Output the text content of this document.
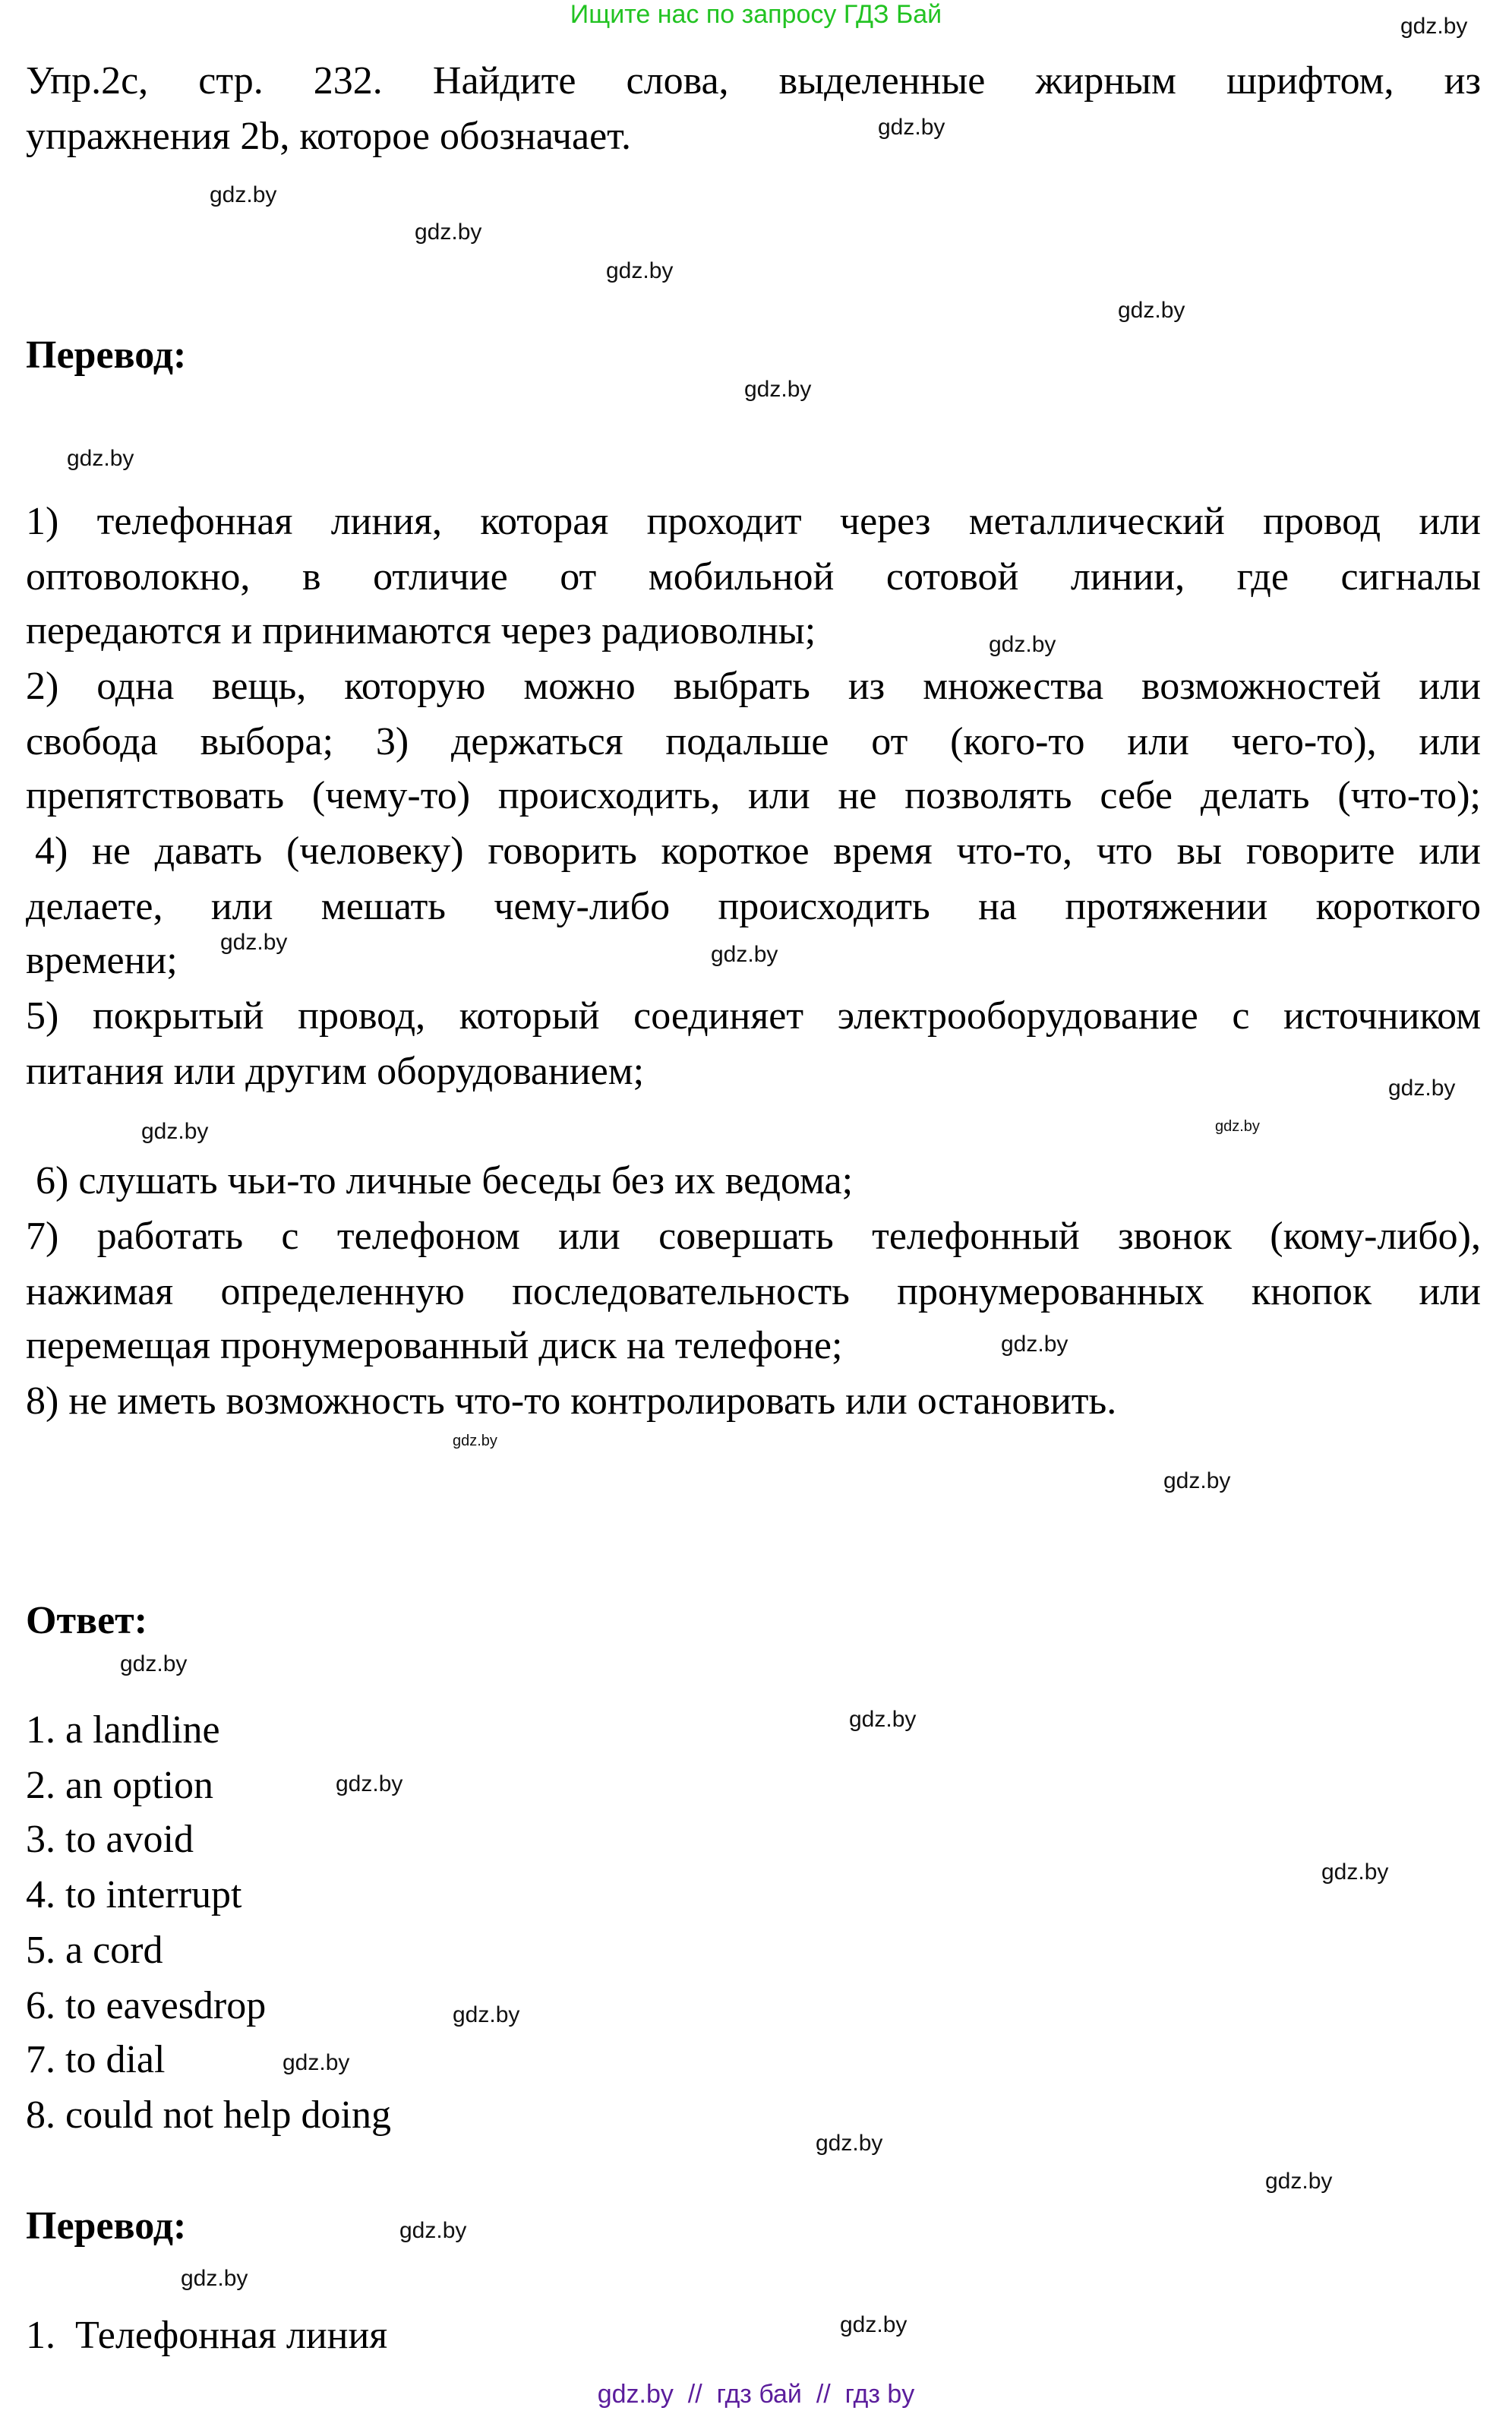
Ищите нас по запросу ГДЗ Бай
Упр.2с, стр. 232. Найдите слова, выделенные жирным шрифтом, из
упражнения 2b, которое обозначает.
Перевод:
1) телефонная линия, которая проходит через металлический провод или
оптоволокно, в отличие от мобильной сотовой линии, где сигналы
передаются и принимаются через радиоволны;
2) одна вещь, которую можно выбрать из множества возможностей или
свобода выбора; 3) держаться подальше от (кого-то или чего-то), или
препятствовать (чему-то) происходить, или не позволять себе делать (что-то);
4) не давать (человеку) говорить короткое время что-то, что вы говорите или
делаете, или мешать чему-либо происходить на протяжении короткого
времени;
5) покрытый провод, который соединяет электрооборудование с источником
питания или другим оборудованием;
6) слушать чьи-то личные беседы без их ведома;
7) работать с телефоном или совершать телефонный звонок (кому-либо),
нажимая определенную последовательность пронумерованных кнопок или
перемещая пронумерованный диск на телефоне;
8) не иметь возможность что-то контролировать или остановить.
Ответ:
1. a landline
2. an option
3. to avoid
4. to interrupt
5. a cord
6. to eavesdrop
7. to dial
8. could not help doing
Перевод:
1.  Телефонная линия
gdz.by
gdz.by
gdz.by
gdz.by
gdz.by
gdz.by
gdz.by
gdz.by
gdz.by
gdz.by
gdz.by	gdz.by
gdz.by
gdz.by
gdz.by
gdz.by
gdz.by
gdz.by
gdz.by
gdz.by
gdz.by
gdz.by
gdz.by
gdz.by
gdz.by
gdz.by
gdz.by
gdz.by
gdz.by  //  гдз бай  //  гдз by
